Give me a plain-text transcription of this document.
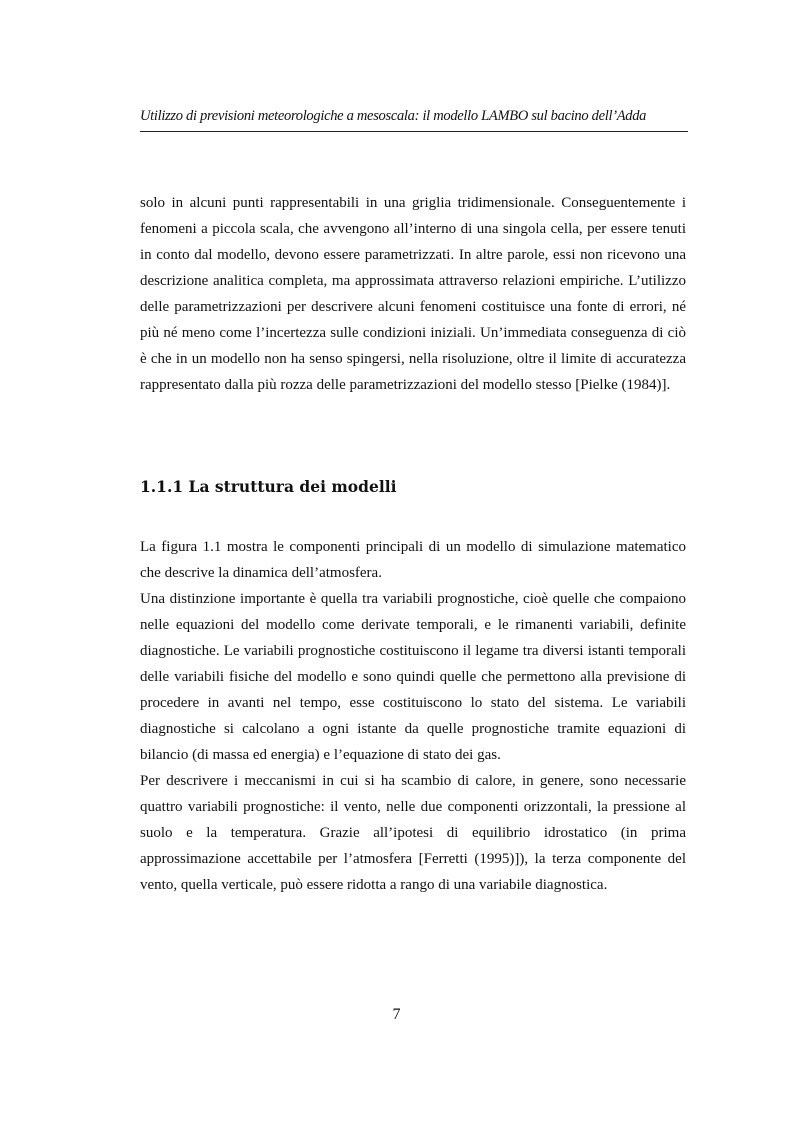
Utilizzo di previsioni meteorologiche a mesoscala: il modello LAMBO sul bacino dell’Adda

solo in alcuni punti rappresentabili in una griglia tridimensionale. Conseguentemente i fenomeni a piccola scala, che avvengono all’interno di una singola cella, per essere tenuti in conto dal modello, devono essere parametrizzati. In altre parole, essi non ricevono una descrizione analitica completa, ma approssimata attraverso relazioni empiriche. L’utilizzo delle parametrizzazioni per descrivere alcuni fenomeni costituisce una fonte di errori, né più né meno come l’incertezza sulle condizioni iniziali. Un’immediata conseguenza di ciò è che in un modello non ha senso spingersi, nella risoluzione, oltre il limite di accuratezza rappresentato dalla più rozza delle parametrizzazioni del modello stesso [Pielke (1984)].

1.1.1 La struttura dei modelli

La figura 1.1 mostra le componenti principali di un modello di simulazione matematico che descrive la dinamica dell’atmosfera.

Una distinzione importante è quella tra variabili prognostiche, cioè quelle che compaiono nelle equazioni del modello come derivate temporali, e le rimanenti variabili, definite diagnostiche. Le variabili prognostiche costituiscono il legame tra diversi istanti temporali delle variabili fisiche del modello e sono quindi quelle che permettono alla previsione di procedere in avanti nel tempo, esse costituiscono lo stato del sistema. Le variabili diagnostiche si calcolano a ogni istante da quelle prognostiche tramite equazioni di bilancio (di massa ed energia) e l’equazione di stato dei gas.

Per descrivere i meccanismi in cui si ha scambio di calore, in genere, sono necessarie quattro variabili prognostiche: il vento, nelle due componenti orizzontali, la pressione al suolo e la temperatura. Grazie all’ipotesi di equilibrio idrostatico (in prima approssimazione accettabile per l’atmosfera [Ferretti (1995)]), la terza componente del vento, quella verticale, può essere ridotta a rango di una variabile diagnostica.

7
